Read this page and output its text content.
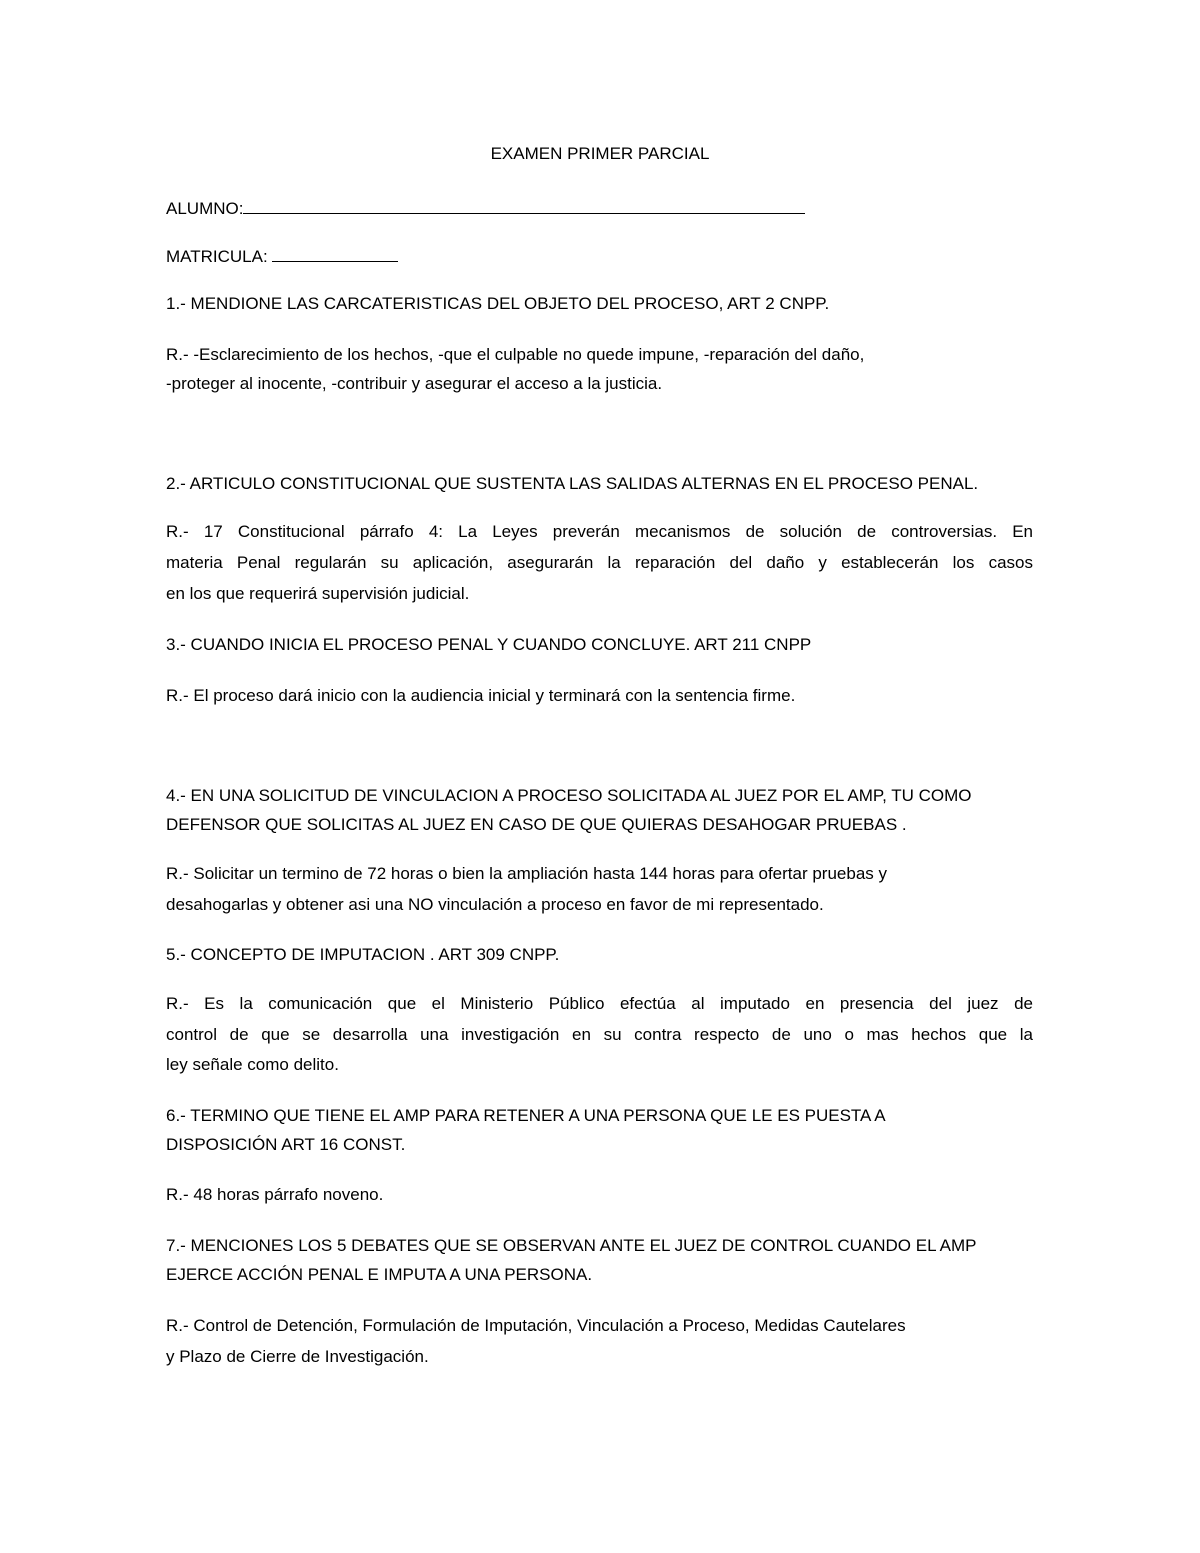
EXAMEN PRIMER PARCIAL
ALUMNO:
MATRICULA:
1.- MENDIONE LAS CARCATERISTICAS DEL OBJETO DEL PROCESO, ART 2 CNPP.
R.- -Esclarecimiento de los hechos, -que el culpable no quede impune, -reparación del daño,
-proteger al inocente, -contribuir y asegurar el acceso a la justicia.
2.- ARTICULO CONSTITUCIONAL QUE SUSTENTA LAS SALIDAS ALTERNAS EN EL PROCESO PENAL.
R.- 17 Constitucional párrafo 4: La Leyes preverán mecanismos de solución de controversias. En
materia Penal regularán su aplicación, asegurarán la reparación del daño y establecerán los casos
en los que requerirá supervisión judicial.
3.- CUANDO INICIA EL PROCESO PENAL Y CUANDO CONCLUYE. ART 211 CNPP
R.- El proceso dará inicio con la audiencia inicial y terminará con la sentencia firme.
4.- EN UNA SOLICITUD DE VINCULACION A PROCESO SOLICITADA AL JUEZ POR EL AMP, TU COMO
DEFENSOR QUE SOLICITAS AL JUEZ EN CASO DE QUE QUIERAS DESAHOGAR PRUEBAS .
R.- Solicitar un termino de 72 horas o bien la ampliación hasta 144 horas para ofertar pruebas y
desahogarlas y obtener asi una NO vinculación a proceso en favor de mi representado.
5.- CONCEPTO DE IMPUTACION . ART 309 CNPP.
R.- Es la comunicación que el Ministerio Público efectúa al imputado en presencia del juez de
control de que se desarrolla una investigación en su contra respecto de uno o mas hechos que la
ley señale como delito.
6.- TERMINO QUE TIENE EL AMP PARA RETENER A UNA PERSONA QUE LE ES PUESTA A
DISPOSICIÓN ART 16 CONST.
R.- 48 horas párrafo noveno.
7.- MENCIONES LOS 5 DEBATES QUE SE OBSERVAN ANTE EL JUEZ DE CONTROL CUANDO EL AMP
EJERCE ACCIÓN PENAL E IMPUTA A UNA PERSONA.
R.- Control de Detención, Formulación de Imputación, Vinculación a Proceso, Medidas Cautelares
y Plazo de Cierre de Investigación.
